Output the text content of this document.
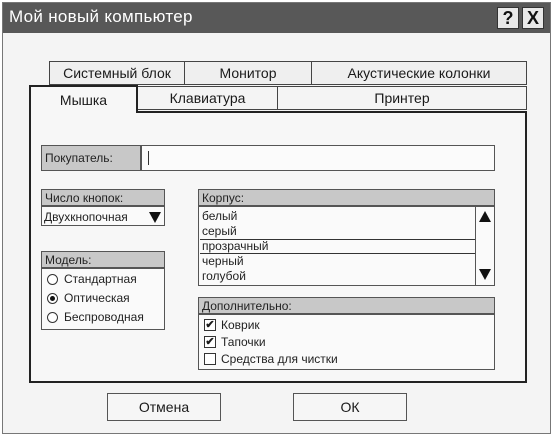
Мой новый компьютер	? X
Системный блок	Монитор	Акустические колонки
Мышка	Клавиатура	Принтер
Покупатель:
Число кнопок:
Двухкнопочная
Модель:
Стандартная
Оптическая
Беспроводная
Корпус:
белый
серый
прозрачный
черный
голубой
Дополнительно:
✔ Коврик
✔ Тапочки
Средства для чистки
Отмена	ОК
